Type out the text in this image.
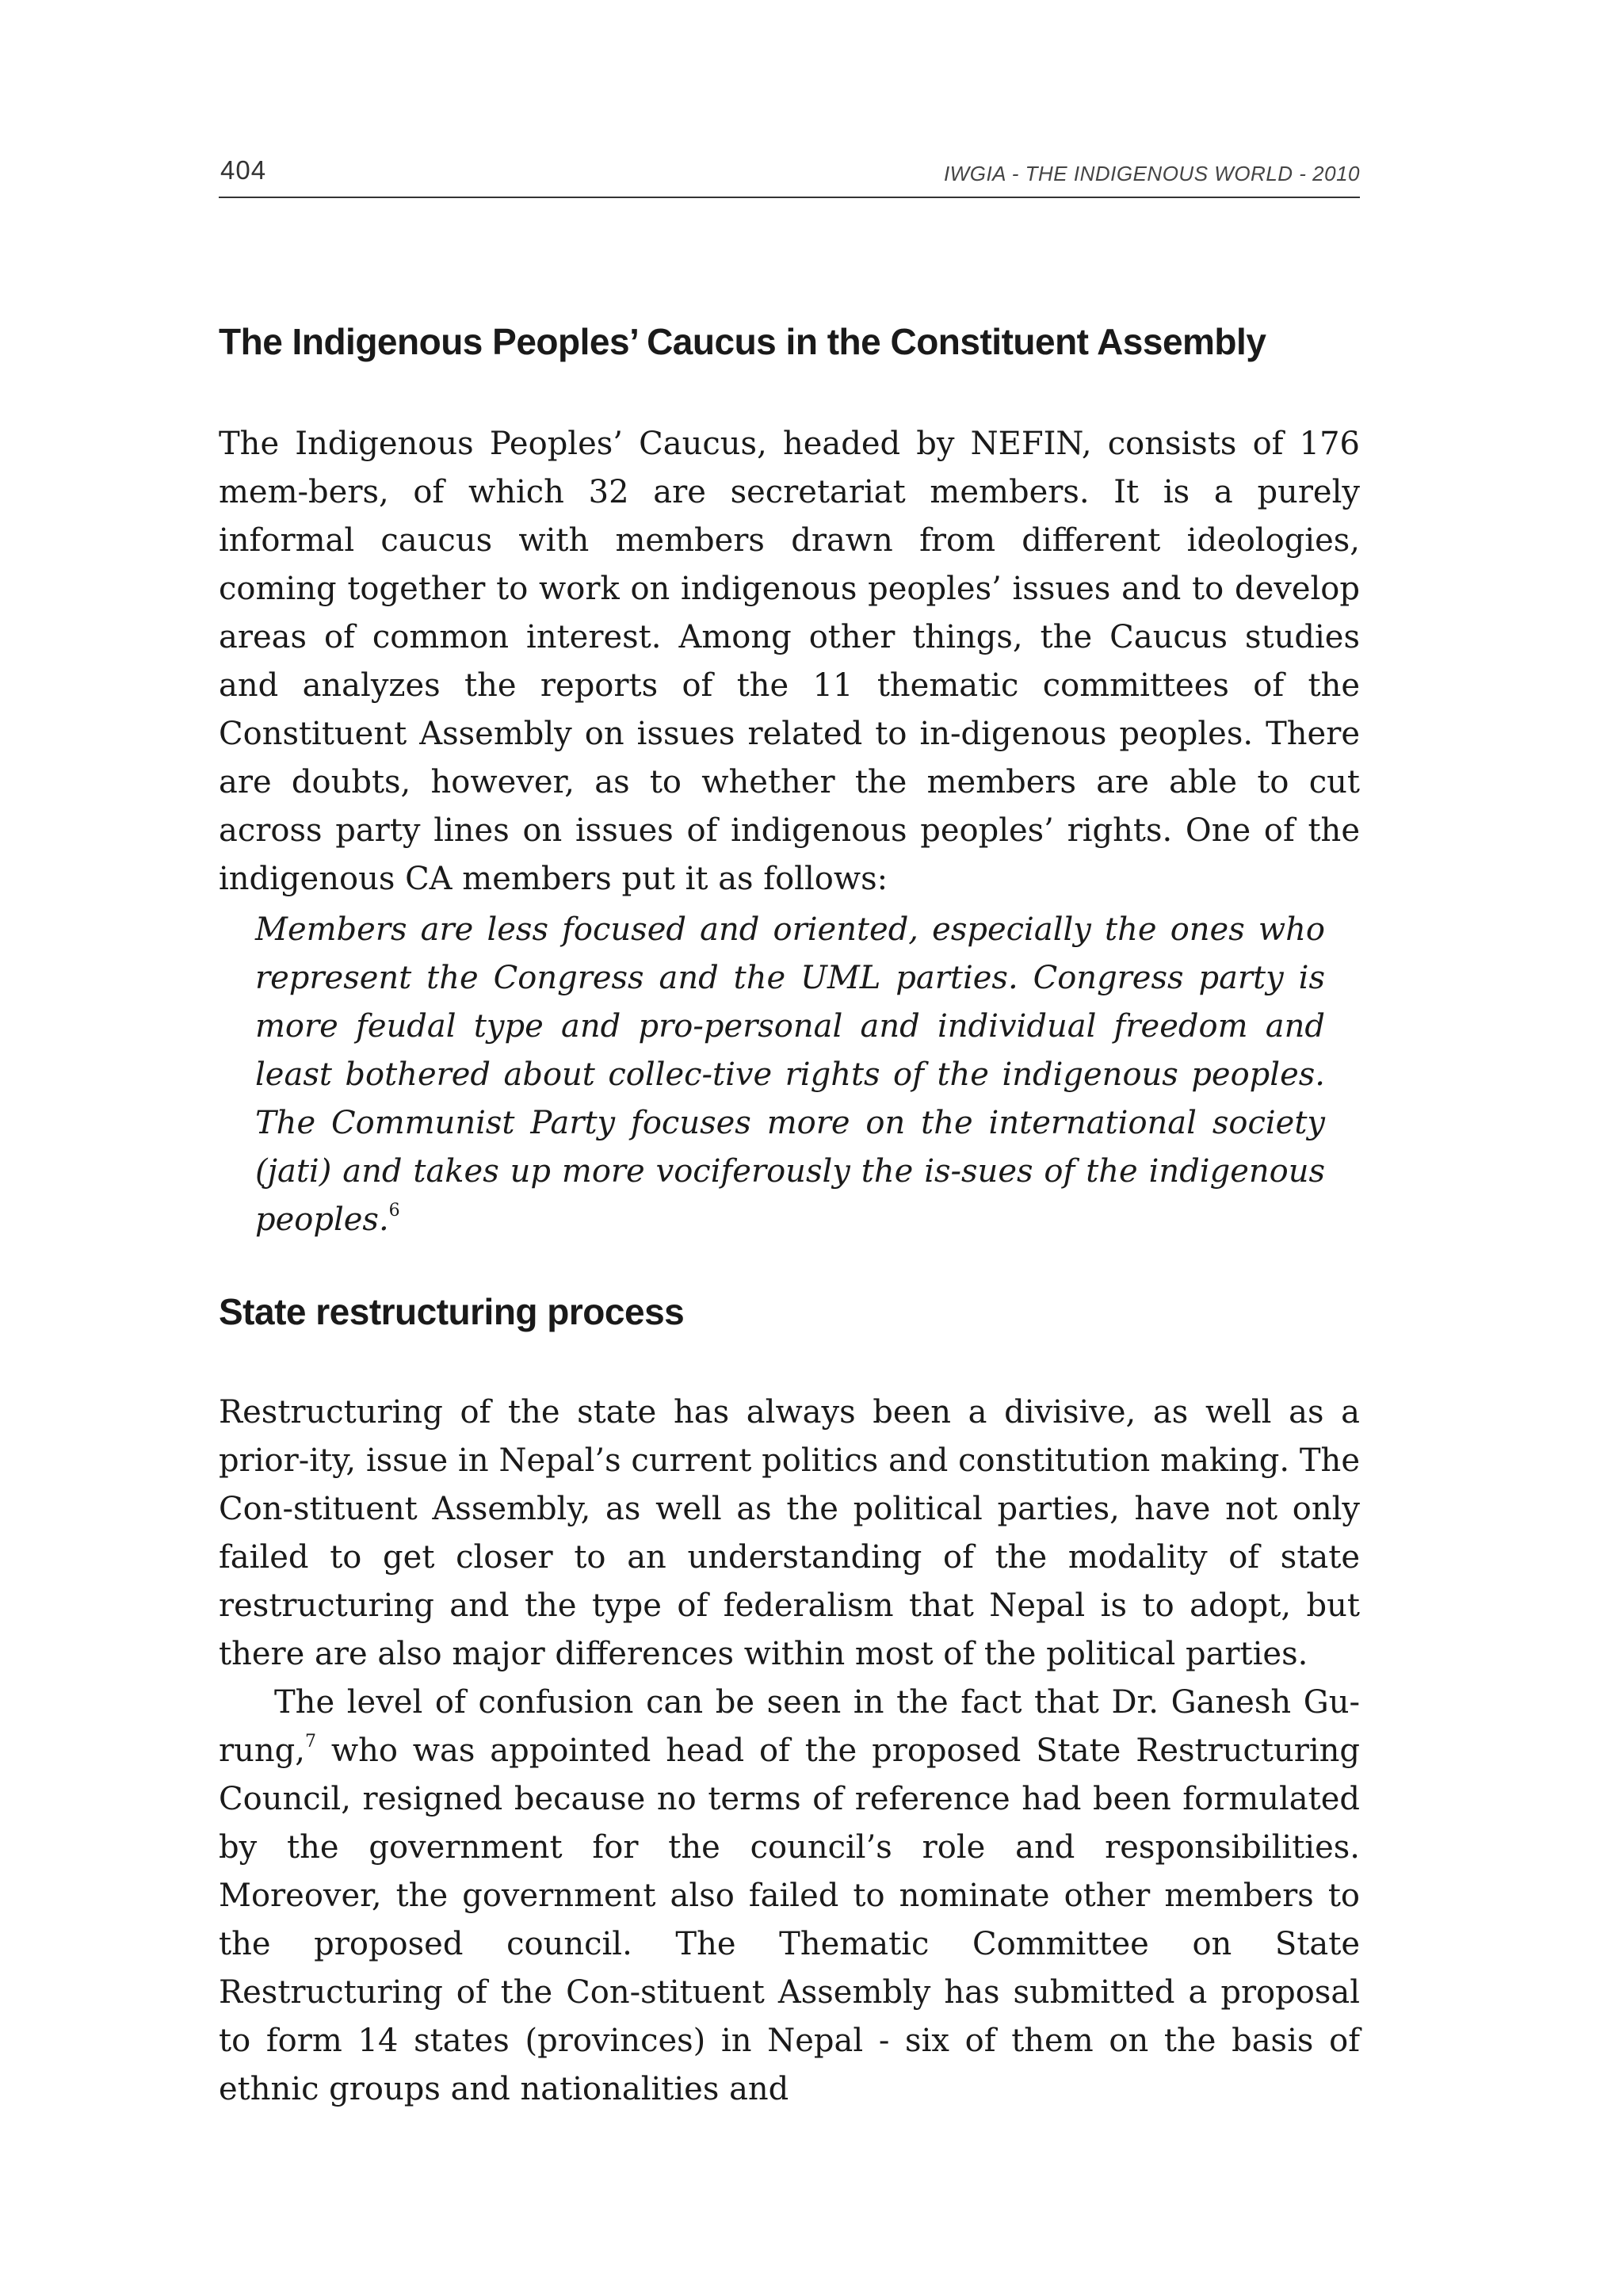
404	IWGIA - THE INDIGENOUS WORLD - 2010
The Indigenous Peoples’ Caucus in the Constituent Assembly

The Indigenous Peoples’ Caucus, headed by NEFIN, consists of 176 mem-bers, of which 32 are secretariat members. It is a purely informal caucus with members drawn from different ideologies, coming together to work on indigenous peoples’ issues and to develop areas of common interest. Among other things, the Caucus studies and analyzes the reports of the 11 thematic committees of the Constituent Assembly on issues related to in-digenous peoples. There are doubts, however, as to whether the members are able to cut across party lines on issues of indigenous peoples’ rights. One of the indigenous CA members put it as follows:

Members are less focused and oriented, especially the ones who represent the Congress and the UML parties. Congress party is more feudal type and pro-personal and individual freedom and least bothered about collec-tive rights of the indigenous peoples. The Communist Party focuses more on the international society (jati) and takes up more vociferously the is-sues of the indigenous peoples.$^6$

State restructuring process

Restructuring of the state has always been a divisive, as well as a prior-ity, issue in Nepal’s current politics and constitution making. The Con-stituent Assembly, as well as the political parties, have not only failed to get closer to an understanding of the modality of state restructuring and the type of federalism that Nepal is to adopt, but there are also major differences within most of the political parties.

The level of confusion can be seen in the fact that Dr. Ganesh Gu-rung,$^7$ who was appointed head of the proposed State Restructuring Council, resigned because no terms of reference had been formulated by the government for the council’s role and responsibilities. Moreover, the government also failed to nominate other members to the proposed council. The Thematic Committee on State Restructuring of the Con-stituent Assembly has submitted a proposal to form 14 states (provinces) in Nepal - six of them on the basis of ethnic groups and nationalities and
